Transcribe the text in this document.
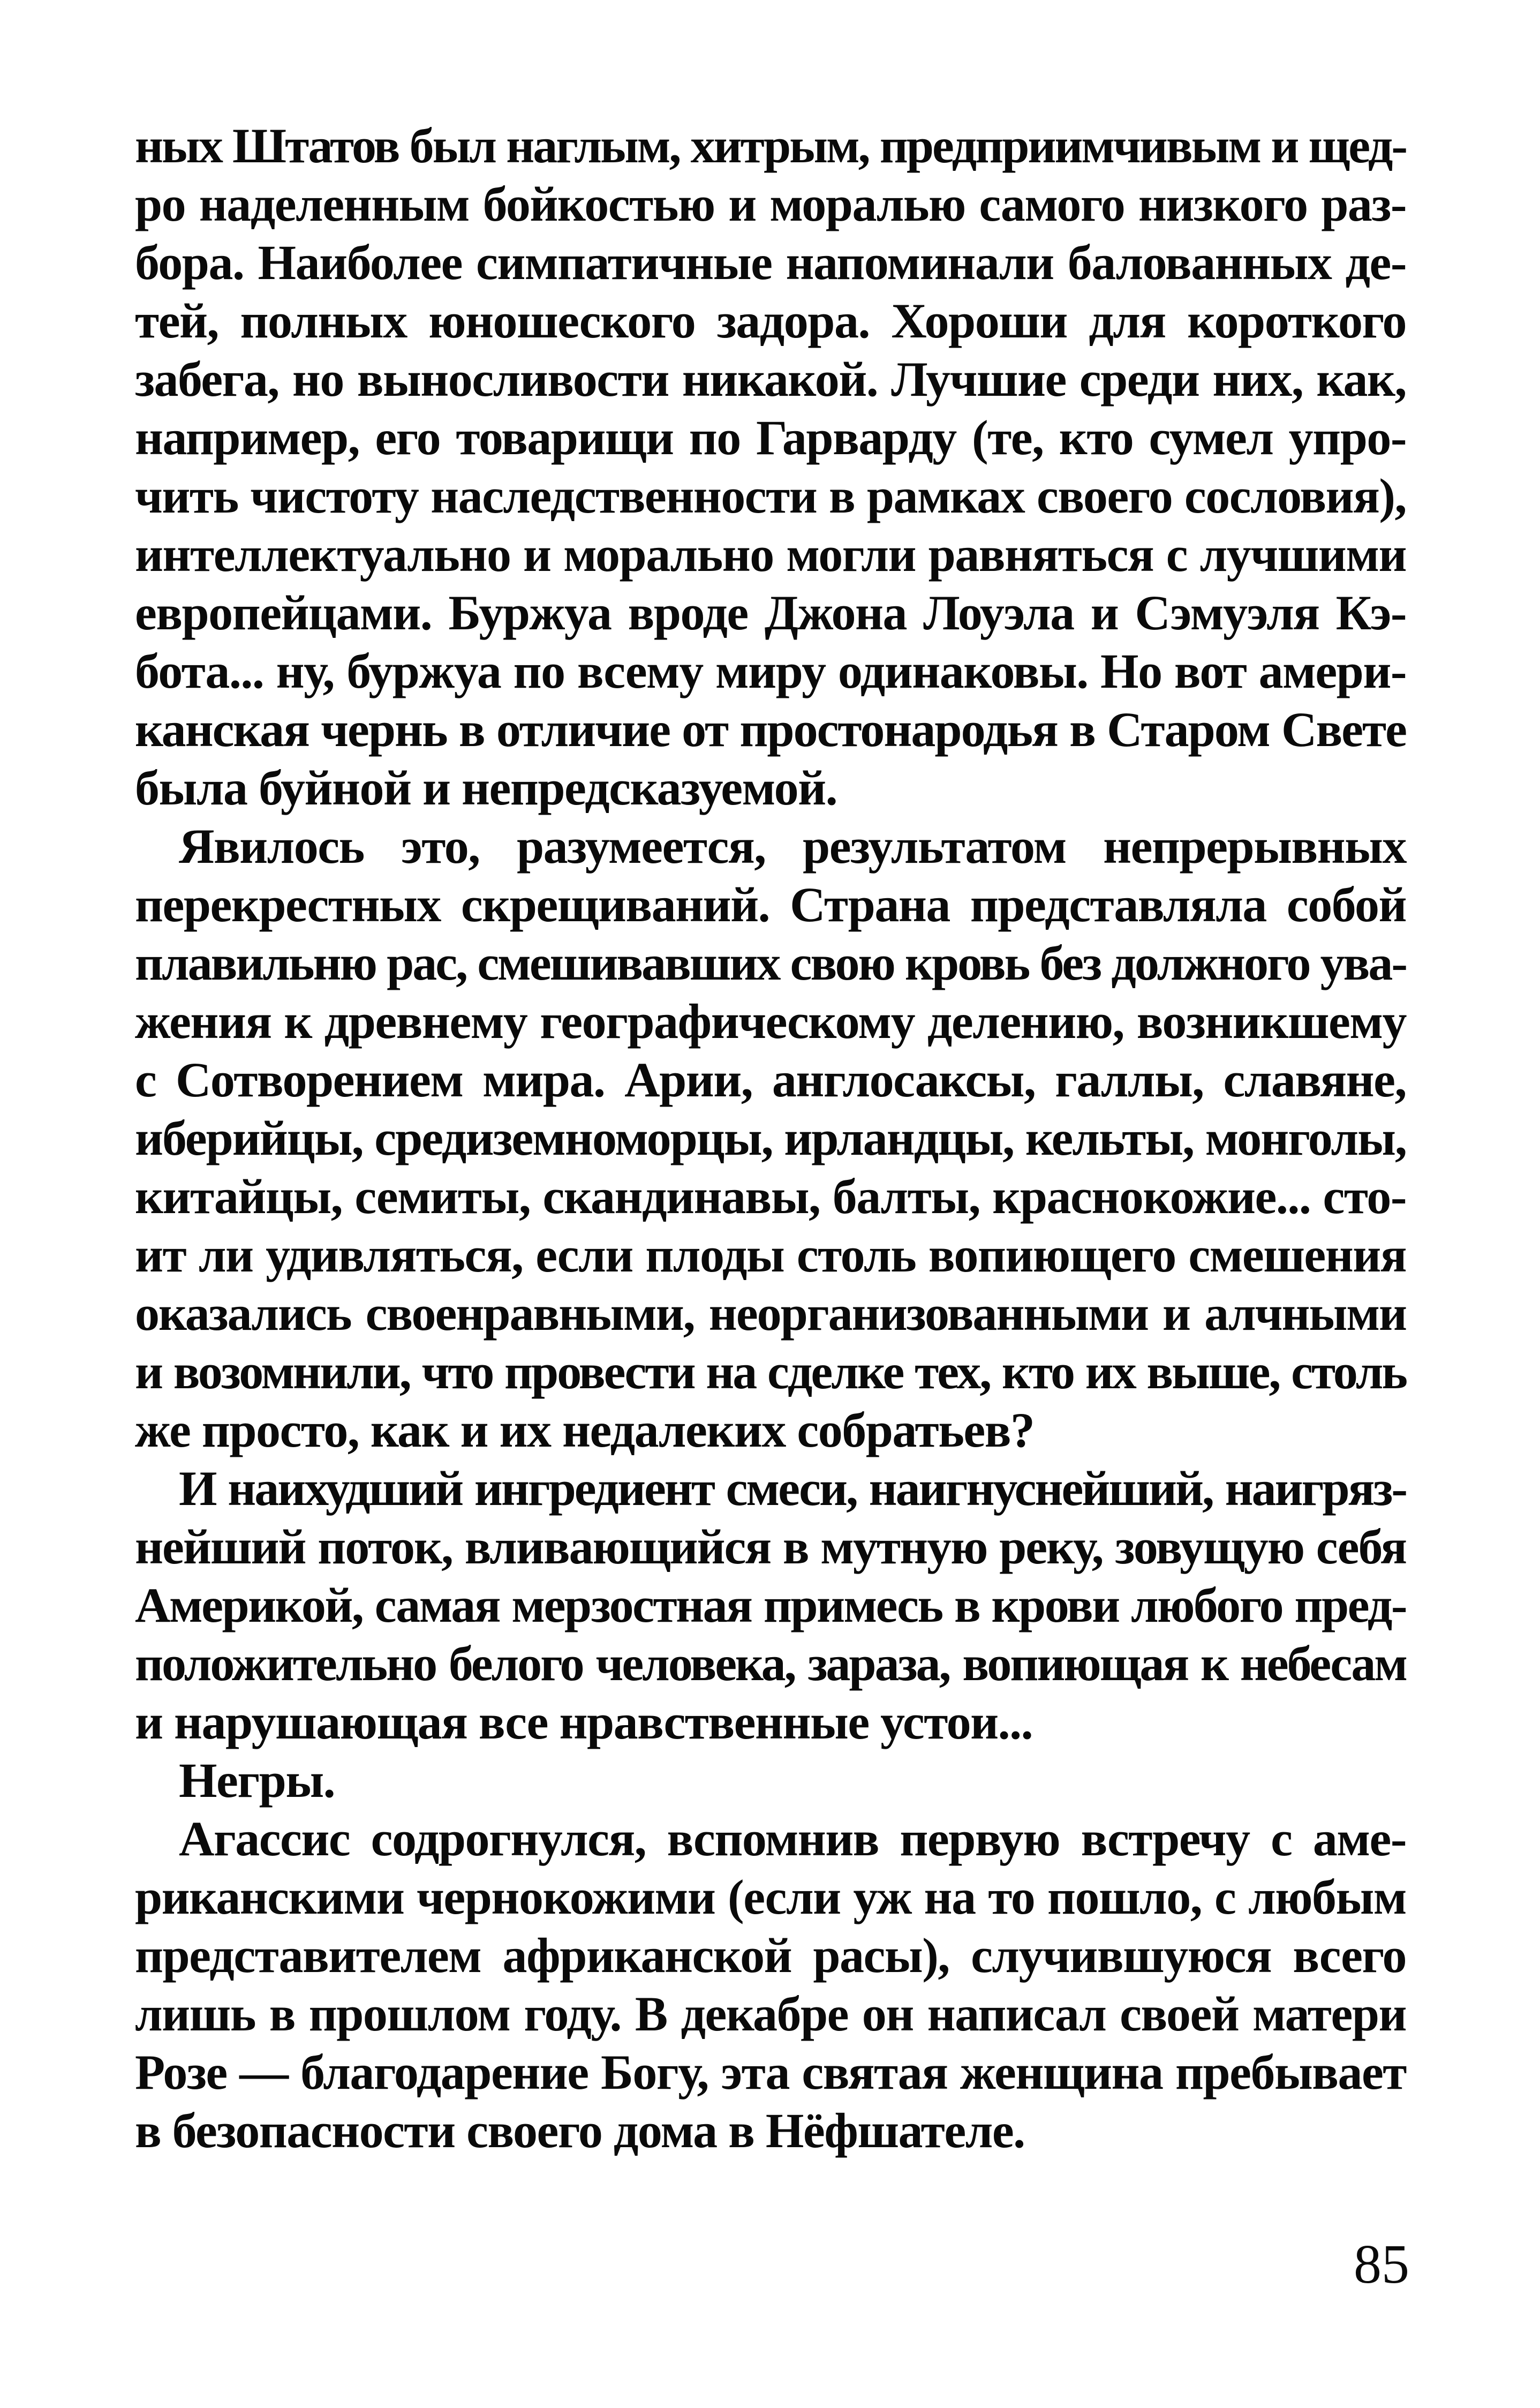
ных Штатов был наглым, хитрым, предприимчивым и щед-
ро наделенным бойкостью и моралью самого низкого раз-
бора. Наиболее симпатичные напоминали балованных де-
тей, полных юношеского задора. Хороши для короткого
забега, но выносливости никакой. Лучшие среди них, как,
например, его товарищи по Гарварду (те, кто сумел упро-
чить чистоту наследственности в рамках своего сословия),
интеллектуально и морально могли равняться с лучшими
европейцами. Буржуа вроде Джона Лоуэла и Сэмуэля Кэ-
бота... ну, буржуа по всему миру одинаковы. Но вот амери-
канская чернь в отличие от простонародья в Старом Свете
была буйной и непредсказуемой.
Явилось это, разумеется, результатом непрерывных
перекрестных скрещиваний. Страна представляла собой
плавильню рас, смешивавших свою кровь без должного ува-
жения к древнему географическому делению, возникшему
с Сотворением мира. Арии, англосаксы, галлы, славяне,
иберийцы, средиземноморцы, ирландцы, кельты, монголы,
китайцы, семиты, скандинавы, балты, краснокожие... сто-
ит ли удивляться, если плоды столь вопиющего смешения
оказались своенравными, неорганизованными и алчными
и возомнили, что провести на сделке тех, кто их выше, столь
же просто, как и их недалеких собратьев?
И наихудший ингредиент смеси, наигнуснейший, наигряз-
нейший поток, вливающийся в мутную реку, зовущую себя
Америкой, самая мерзостная примесь в крови любого пред-
положительно белого человека, зараза, вопиющая к небесам
и нарушающая все нравственные устои...
Негры.
Агассис содрогнулся, вспомнив первую встречу с аме-
риканскими чернокожими (если уж на то пошло, с любым
представителем африканской расы), случившуюся всего
лишь в прошлом году. В декабре он написал своей матери
Розе — благодарение Богу, эта святая женщина пребывает
в безопасности своего дома в Нёфшателе.
85
